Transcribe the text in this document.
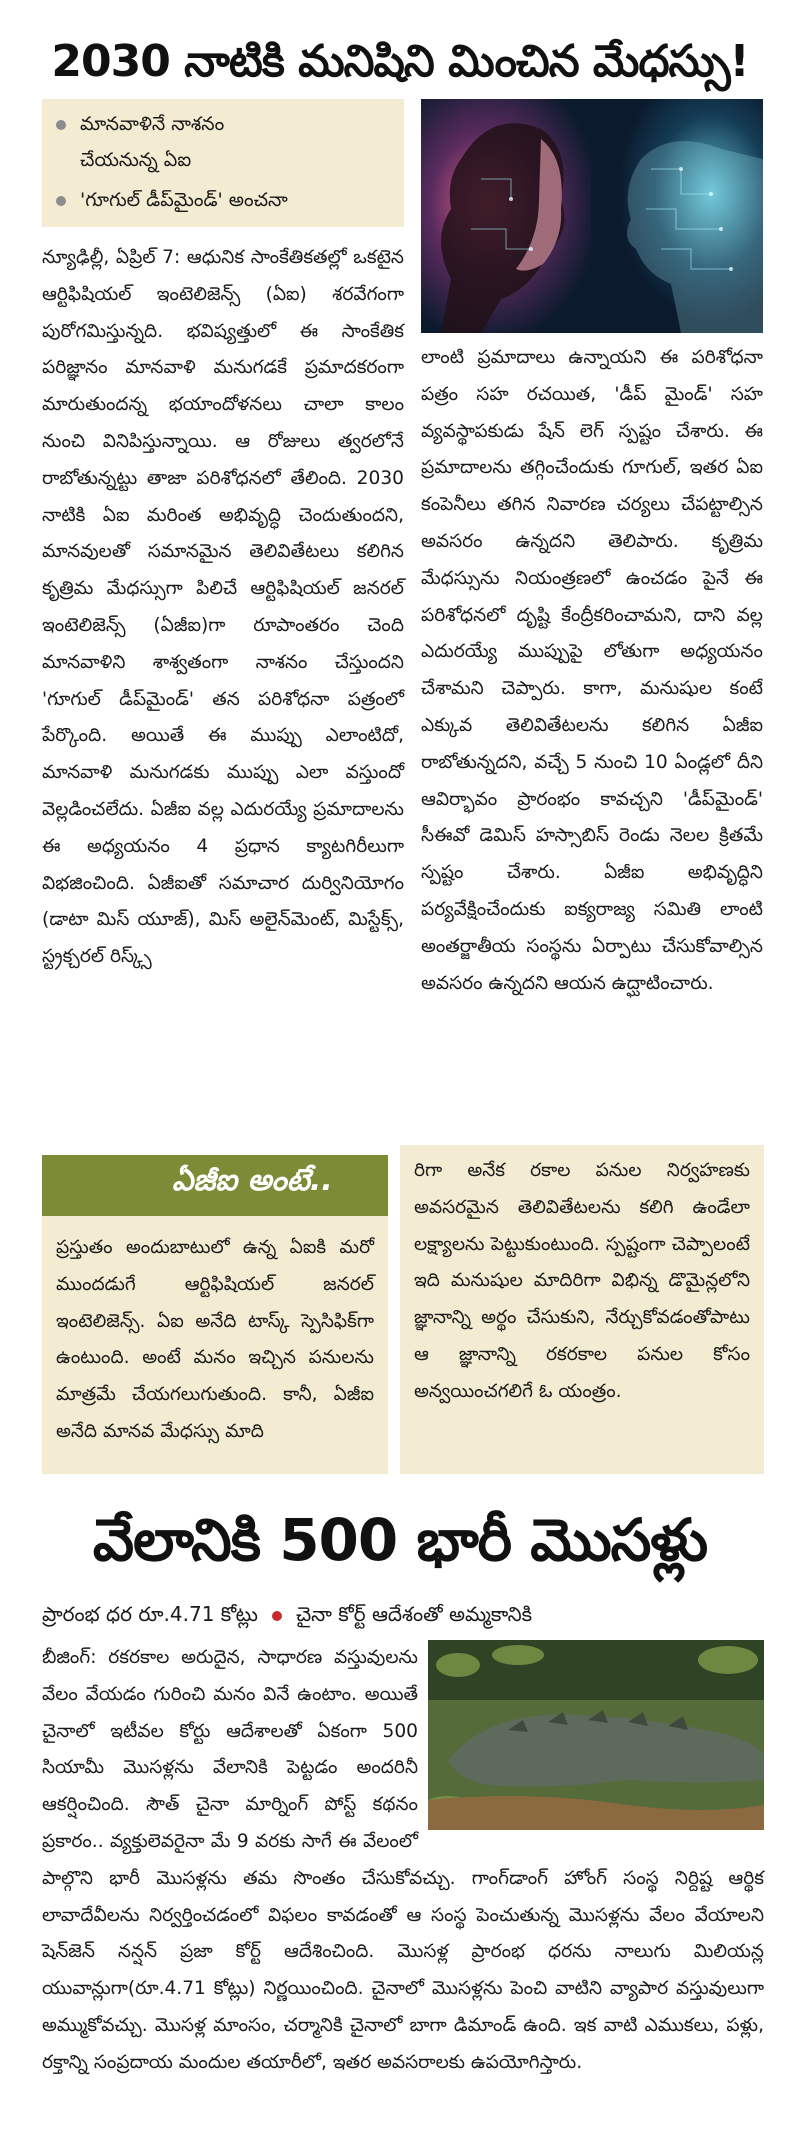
2030 నాటికి మనిషిని మించిన మేధస్సు!
మానవాళినే నాశనం
చేయనున్న ఏఐ
'గూగుల్ డీప్‌మైండ్' అంచనా

న్యూఢిల్లీ, ఏప్రిల్ 7: ఆధునిక సాంకేతికతల్లో ఒకటైన ఆర్టిఫిషియల్ ఇంటెలిజెన్స్ (ఏఐ) శరవేగంగా పురోగమిస్తున్నది. భవిష్యత్తులో ఈ సాంకేతిక పరిజ్ఞానం మానవాళి మనుగడకే ప్రమాదకరంగా మారుతుందన్న భయాందోళనలు చాలా కాలం నుంచి వినిపిస్తున్నాయి. ఆ రోజులు త్వరలోనే రాబోతున్నట్టు తాజా పరిశోధనలో తేలింది. 2030 నాటికి ఏఐ మరింత అభివృద్ధి చెందుతుందని, మానవులతో సమానమైన తెలివితేటలు కలిగిన కృత్రిమ మేధస్సుగా పిలిచే ఆర్టిఫిషియల్ జనరల్ ఇంటెలిజెన్స్ (ఏజీఐ)గా రూపాంతరం చెంది మానవాళిని శాశ్వతంగా నాశనం చేస్తుందని 'గూగుల్ డీప్‌మైండ్' తన పరిశోధనా పత్రంలో పేర్కొంది. అయితే ఈ ముప్పు ఎలాంటిదో, మానవాళి మనుగడకు ముప్పు ఎలా వస్తుందో వెల్లడించలేదు. ఏజీఐ వల్ల ఎదురయ్యే ప్రమాదాలను ఈ అధ్యయనం 4 ప్రధాన క్యాటగిరీలుగా విభజించింది. ఏజీఐతో సమాచార దుర్వినియోగం (డాటా మిస్ యూజ్), మిస్ అలైన్‌మెంట్, మిస్టేక్స్, స్ట్రక్చరల్ రిస్క్స్

లాంటి ప్రమాదాలు ఉన్నాయని ఈ పరిశోధనా పత్రం సహ రచయిత, 'డీప్ మైండ్' సహ వ్యవస్థాపకుడు షేన్ లెగ్ స్పష్టం చేశారు. ఈ ప్రమాదాలను తగ్గించేందుకు గూగుల్, ఇతర ఏఐ కంపెనీలు తగిన నివారణ చర్యలు చేపట్టాల్సిన అవసరం ఉన్నదని తెలిపారు. కృత్రిమ మేధస్సును నియంత్రణలో ఉంచడం పైనే ఈ పరిశోధనలో దృష్టి కేంద్రీకరించామని, దాని వల్ల ఎదురయ్యే ముప్పుపై లోతుగా అధ్యయనం చేశామని చెప్పారు. కాగా, మనుషుల కంటే ఎక్కువ తెలివితేటలను కలిగిన ఏజీఐ రాబోతున్నదని, వచ్చే 5 నుంచి 10 ఏండ్లలో దీని ఆవిర్భావం ప్రారంభం కావచ్చని 'డీప్‌మైండ్' సీఈవో డెమిస్ హస్సాబిస్ రెండు నెలల క్రితమే స్పష్టం చేశారు. ఏజీఐ అభివృద్ధిని పర్యవేక్షించేందుకు ఐక్యరాజ్య సమితి లాంటి అంతర్జాతీయ సంస్థను ఏర్పాటు చేసుకోవాల్సిన అవసరం ఉన్నదని ఆయన ఉద్ఘాటించారు.

రిగా అనేక రకాల పనుల నిర్వహణకు అవసరమైన తెలివితేటలను కలిగి ఉండేలా లక్ష్యాలను పెట్టుకుంటుంది. స్పష్టంగా చెప్పాలంటే ఇది మనుషుల మాదిరిగా విభిన్న డొమైన్లలోని జ్ఞానాన్ని అర్థం చేసుకుని, నేర్చుకోవడంతోపాటు ఆ జ్ఞానాన్ని రకరకాల పనుల కోసం అన్వయించగలిగే ఓ యంత్రం.
ఏజీఐ అంటే..
ప్రస్తుతం అందుబాటులో ఉన్న ఏఐకి మరో ముందడుగే ఆర్టిఫిషియల్ జనరల్ ఇంటెలిజెన్స్. ఏఐ అనేది టాస్క్ స్పెసిఫిక్‌గా ఉంటుంది. అంటే మనం ఇచ్చిన పనులను మాత్రమే చేయగలుగుతుంది. కానీ, ఏజీఐ అనేది మానవ మేధస్సు మాది
వేలానికి 500 భారీ మొసళ్లు
ప్రారంభ ధర రూ.4.71 కోట్లు చైనా కోర్ట్ ఆదేశంతో అమ్మకానికి
బీజింగ్: రకరకాల అరుదైన, సాధారణ వస్తువులను వేలం వేయడం గురించి మనం వినే ఉంటాం. అయితే చైనాలో ఇటీవల కోర్టు ఆదేశాలతో ఏకంగా 500 సియామీ మొసళ్లను వేలానికి పెట్టడం అందరినీ ఆకర్షించింది. సౌత్ చైనా మార్నింగ్ పోస్ట్ కథనం ప్రకారం.. వ్యక్తులెవరైనా మే 9 వరకు సాగే ఈ వేలంలో పాల్గొని భారీ మొసళ్లను తమ సొంతం చేసుకోవచ్చు. గాంగ్‌డాంగ్ హోంగ్ సంస్థ నిర్దిష్ట ఆర్థిక లావాదేవీలను నిర్వర్తించడంలో విఫలం కావడంతో ఆ సంస్థ పెంచుతున్న మొసళ్లను వేలం వేయాలని షెన్‌జెన్ నన్షన్ ప్రజా కోర్ట్ ఆదేశించింది. మొసళ్ల ప్రారంభ ధరను నాలుగు మిలియన్ల యువాన్లుగా(రూ.4.71 కోట్లు) నిర్ణయించింది. చైనాలో మొసళ్లను పెంచి వాటిని వ్యాపార వస్తువులుగా అమ్ముకోవచ్చు. మొసళ్ల మాంసం, చర్మానికి చైనాలో బాగా డిమాండ్ ఉంది. ఇక వాటి ఎముకలు, పళ్లు, రక్తాన్ని సంప్రదాయ మందుల తయారీలో, ఇతర అవసరాలకు ఉపయోగిస్తారు.
